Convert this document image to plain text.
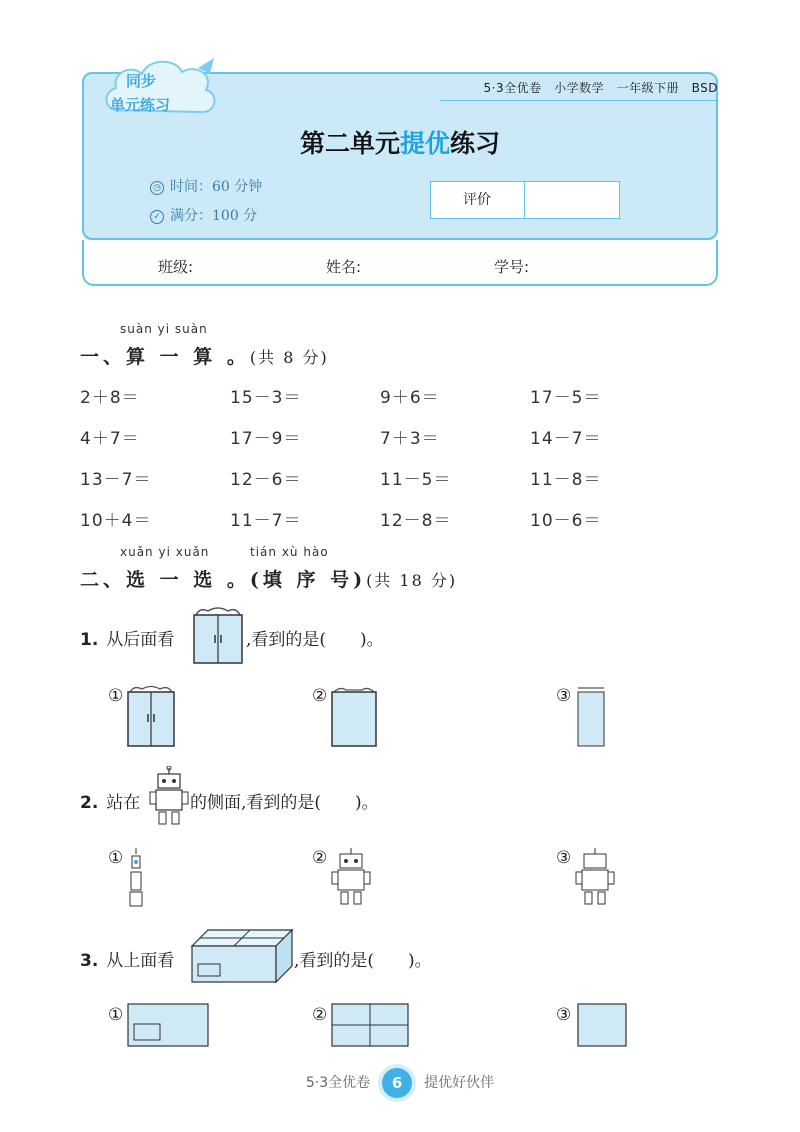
同步
单元练习
5·3全优卷　小学数学　一年级下册　BSD
第二单元提优练习
◷ 时间：60 分钟
✓ 满分：100 分
评价
班级:	姓名:	学号:
suàn yi suàn
一、算 一 算 。(共 8 分)
2＋8＝	15－3＝	9＋6＝	17－5＝
4＋7＝	17－9＝	7＋3＝	14－7＝
13－7＝	12－6＝	11－5＝	11－8＝
10＋4＝	11－7＝	12－8＝	10－6＝
xuǎn yi xuǎn	tián xù hào
二、选 一 选 。(填 序 号)(共 18 分)
1. 从后面看	,看到的是(　　)。
①	②	③
2. 站在	的侧面,看到的是(　　)。
①	②	③
3. 从上面看	,看到的是(　　)。
①	②	③
5·3全优卷 6 提优好伙伴
